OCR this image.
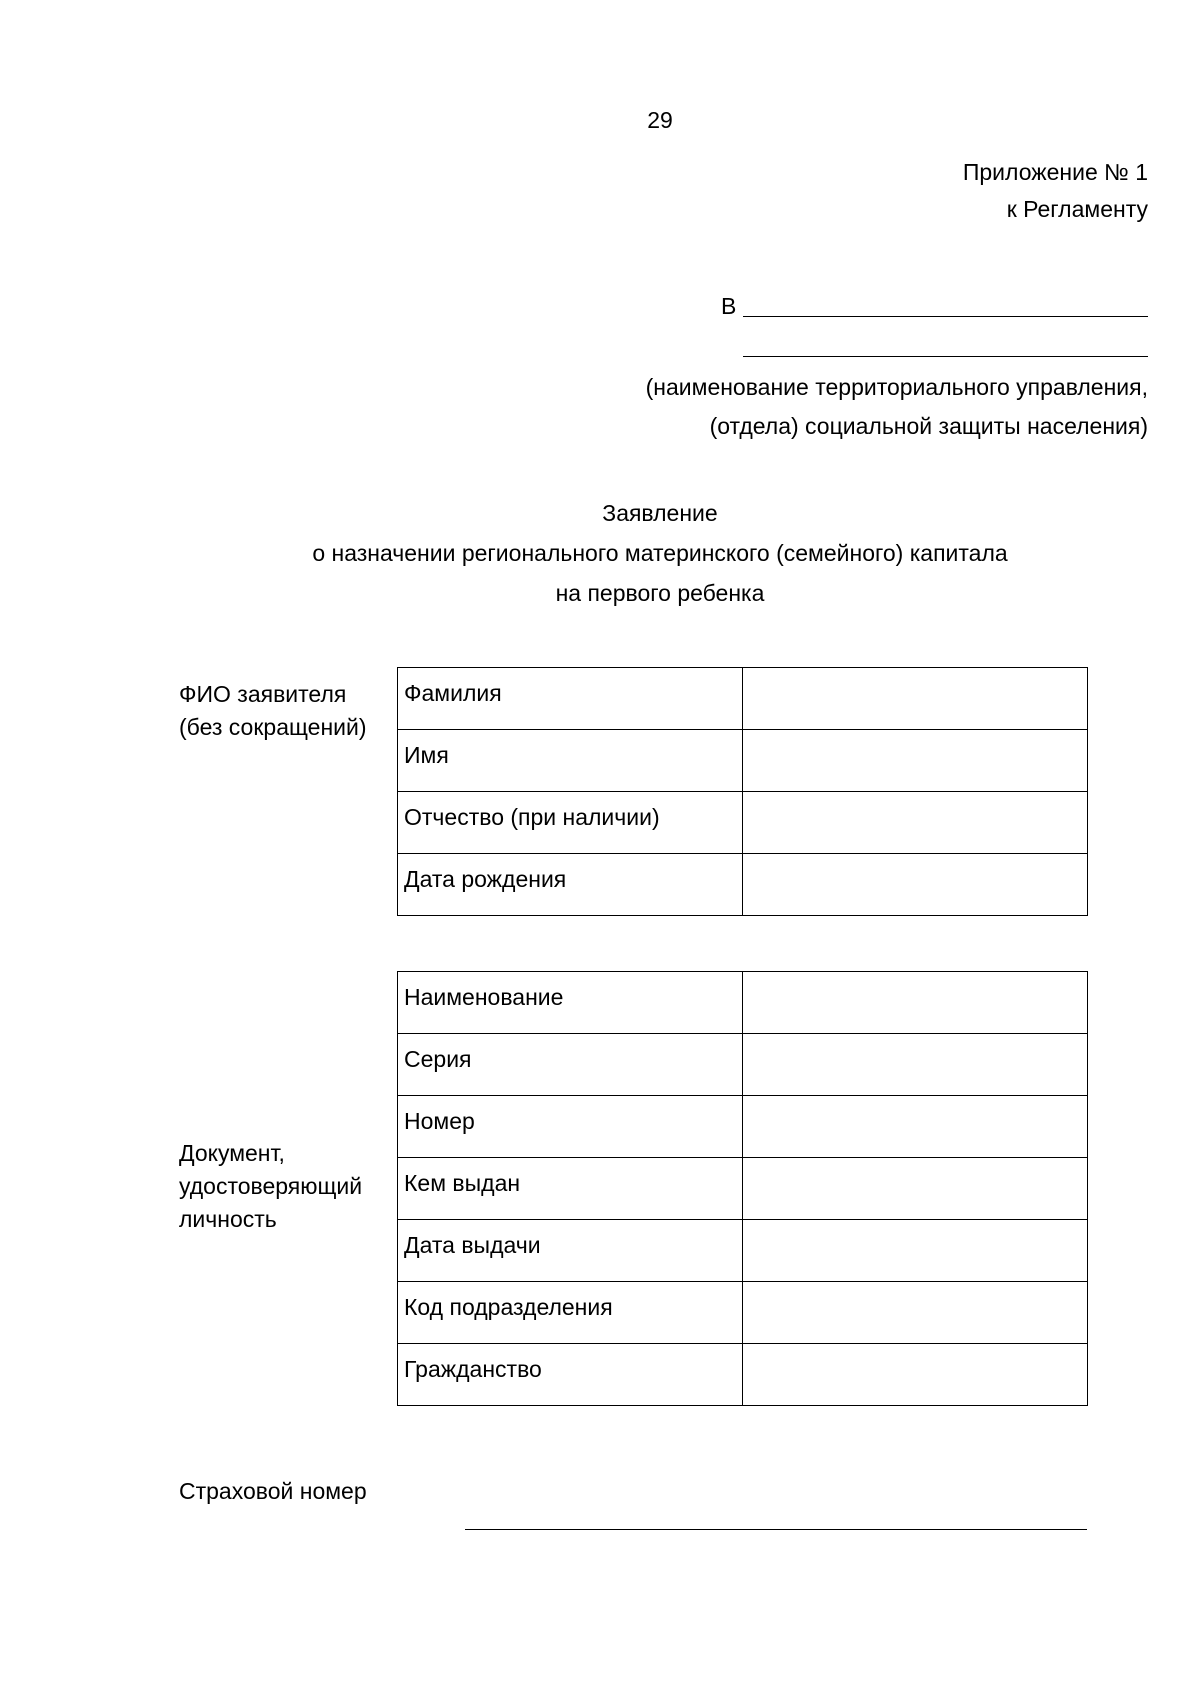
29
Приложение № 1
к Регламенту
В
(наименование территориального управления,
(отдела) социальной защиты населения)
Заявление
о назначении регионального материнского (семейного) капитала
на первого ребенка
ФИО заявителя
(без сокращений)
Фамилия	

Имя	

Отчество (при наличии)	

Дата рождения	

Документ,
удостоверяющий
личность
Наименование	

Серия	

Номер	

Кем выдан	

Дата выдачи	

Код подразделения	

Гражданство	

Страховой номер
